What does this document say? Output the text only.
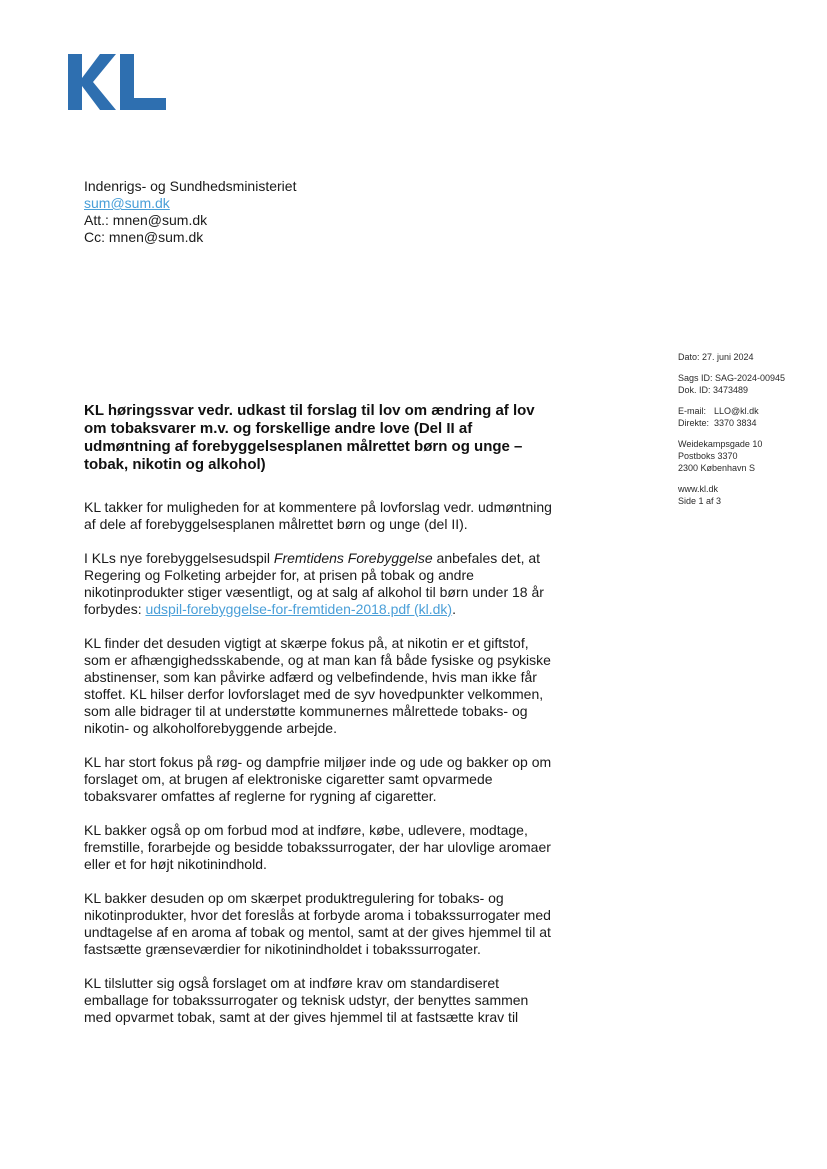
Indenrigs- og Sundhedsministeriet
sum@sum.dk
Att.: mnen@sum.dk
Cc: mnen@sum.dk
Dato: 27. juni 2024
Sags ID: SAG-2024-00945
Dok. ID: 3473489
E-mail: LLO@kl.dk
Direkte: 3370 3834
Weidekampsgade 10
Postboks 3370
2300 København S
www.kl.dk
Side 1 af 3
KL høringssvar vedr. udkast til forslag til lov om ændring af lov om tobaksvarer m.v. og forskellige andre love (Del II af udmøntning af forebyggelsesplanen målrettet børn og unge – tobak, nikotin og alkohol)

KL takker for muligheden for at kommentere på lovforslag vedr. udmøntning af dele af forebyggelsesplanen målrettet børn og unge (del II).

I KLs nye forebyggelsesudspil Fremtidens Forebyggelse anbefales det, at Regering og Folketing arbejder for, at prisen på tobak og andre nikotinprodukter stiger væsentligt, og at salg af alkohol til børn under 18 år forbydes: udspil-forebyggelse-for-fremtiden-2018.pdf (kl.dk).

KL finder det desuden vigtigt at skærpe fokus på, at nikotin er et giftstof, som er afhængighedsskabende, og at man kan få både fysiske og psykiske abstinenser, som kan påvirke adfærd og velbefindende, hvis man ikke får stoffet. KL hilser derfor lovforslaget med de syv hovedpunkter velkommen, som alle bidrager til at understøtte kommunernes målrettede tobaks- og nikotin- og alkoholforebyggende arbejde.

KL har stort fokus på røg- og dampfrie miljøer inde og ude og bakker op om forslaget om, at brugen af elektroniske cigaretter samt opvarmede tobaksvarer omfattes af reglerne for rygning af cigaretter.

KL bakker også op om forbud mod at indføre, købe, udlevere, modtage, fremstille, forarbejde og besidde tobakssurrogater, der har ulovlige aromaer eller et for højt nikotinindhold.

KL bakker desuden op om skærpet produktregulering for tobaks- og nikotinprodukter, hvor det foreslås at forbyde aroma i tobakssurrogater med undtagelse af en aroma af tobak og mentol, samt at der gives hjemmel til at fastsætte grænseværdier for nikotinindholdet i tobakssurrogater.

KL tilslutter sig også forslaget om at indføre krav om standardiseret emballage for tobakssurrogater og teknisk udstyr, der benyttes sammen med opvarmet tobak, samt at der gives hjemmel til at fastsætte krav til
